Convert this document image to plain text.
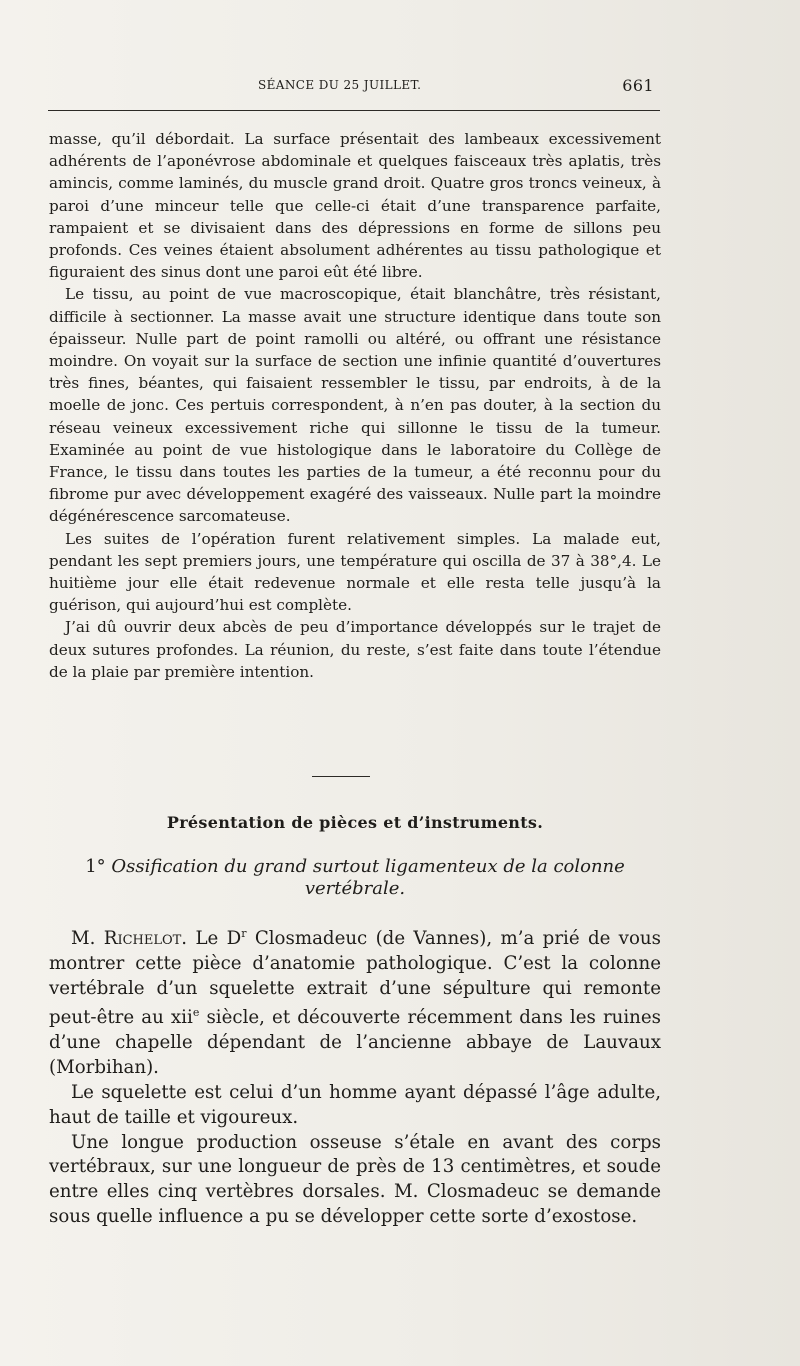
SÉANCE DU 25 JUILLET.	661

masse, qu’il débordait. La surface présentait des lambeaux excessivement adhérents de l’aponévrose abdominale et quelques faisceaux très aplatis, très amincis, comme laminés, du muscle grand droit. Quatre gros troncs veineux, à paroi d’une minceur telle que celle-ci était d’une transparence parfaite, rampaient et se divisaient dans des dépressions en forme de sillons peu profonds. Ces veines étaient absolument adhérentes au tissu pathologique et figuraient des sinus dont une paroi eût été libre.

Le tissu, au point de vue macroscopique, était blanchâtre, très résistant, difficile à sectionner. La masse avait une structure identique dans toute son épaisseur. Nulle part de point ramolli ou altéré, ou offrant une résistance moindre. On voyait sur la surface de section une infinie quantité d’ouvertures très fines, béantes, qui faisaient ressembler le tissu, par endroits, à de la moelle de jonc. Ces pertuis correspondent, à n’en pas douter, à la section du réseau veineux excessivement riche qui sillonne le tissu de la tumeur. Examinée au point de vue histologique dans le laboratoire du Collège de France, le tissu dans toutes les parties de la tumeur, a été reconnu pour du fibrome pur avec développement exagéré des vaisseaux. Nulle part la moindre dégénérescence sarcomateuse.

Les suites de l’opération furent relativement simples. La malade eut, pendant les sept premiers jours, une température qui oscilla de 37 à 38°,4. Le huitième jour elle était redevenue normale et elle resta telle jusqu’à la guérison, qui aujourd’hui est complète.

J’ai dû ouvrir deux abcès de peu d’importance développés sur le trajet de deux sutures profondes. La réunion, du reste, s’est faite dans toute l’étendue de la plaie par première intention.

Présentation de pièces et d’instruments.
1° Ossification du grand surtout ligamenteux de la colonne vertébrale.

M. Richelot. Le $D^r$ Closmadeuc (de Vannes), m’a prié de vous montrer cette pièce d’anatomie pathologique. C’est la colonne vertébrale d’un squelette extrait d’une sépulture qui remonte peut-être au xii$^e$ siècle, et découverte récemment dans les ruines d’une chapelle dépendant de l’ancienne abbaye de Lauvaux (Morbihan).

Le squelette est celui d’un homme ayant dépassé l’âge adulte, haut de taille et vigoureux.

Une longue production osseuse s’étale en avant des corps vertébraux, sur une longueur de près de 13 centimètres, et soude entre elles cinq vertèbres dorsales. M. Closmadeuc se demande sous quelle influence a pu se développer cette sorte d’exostose.
